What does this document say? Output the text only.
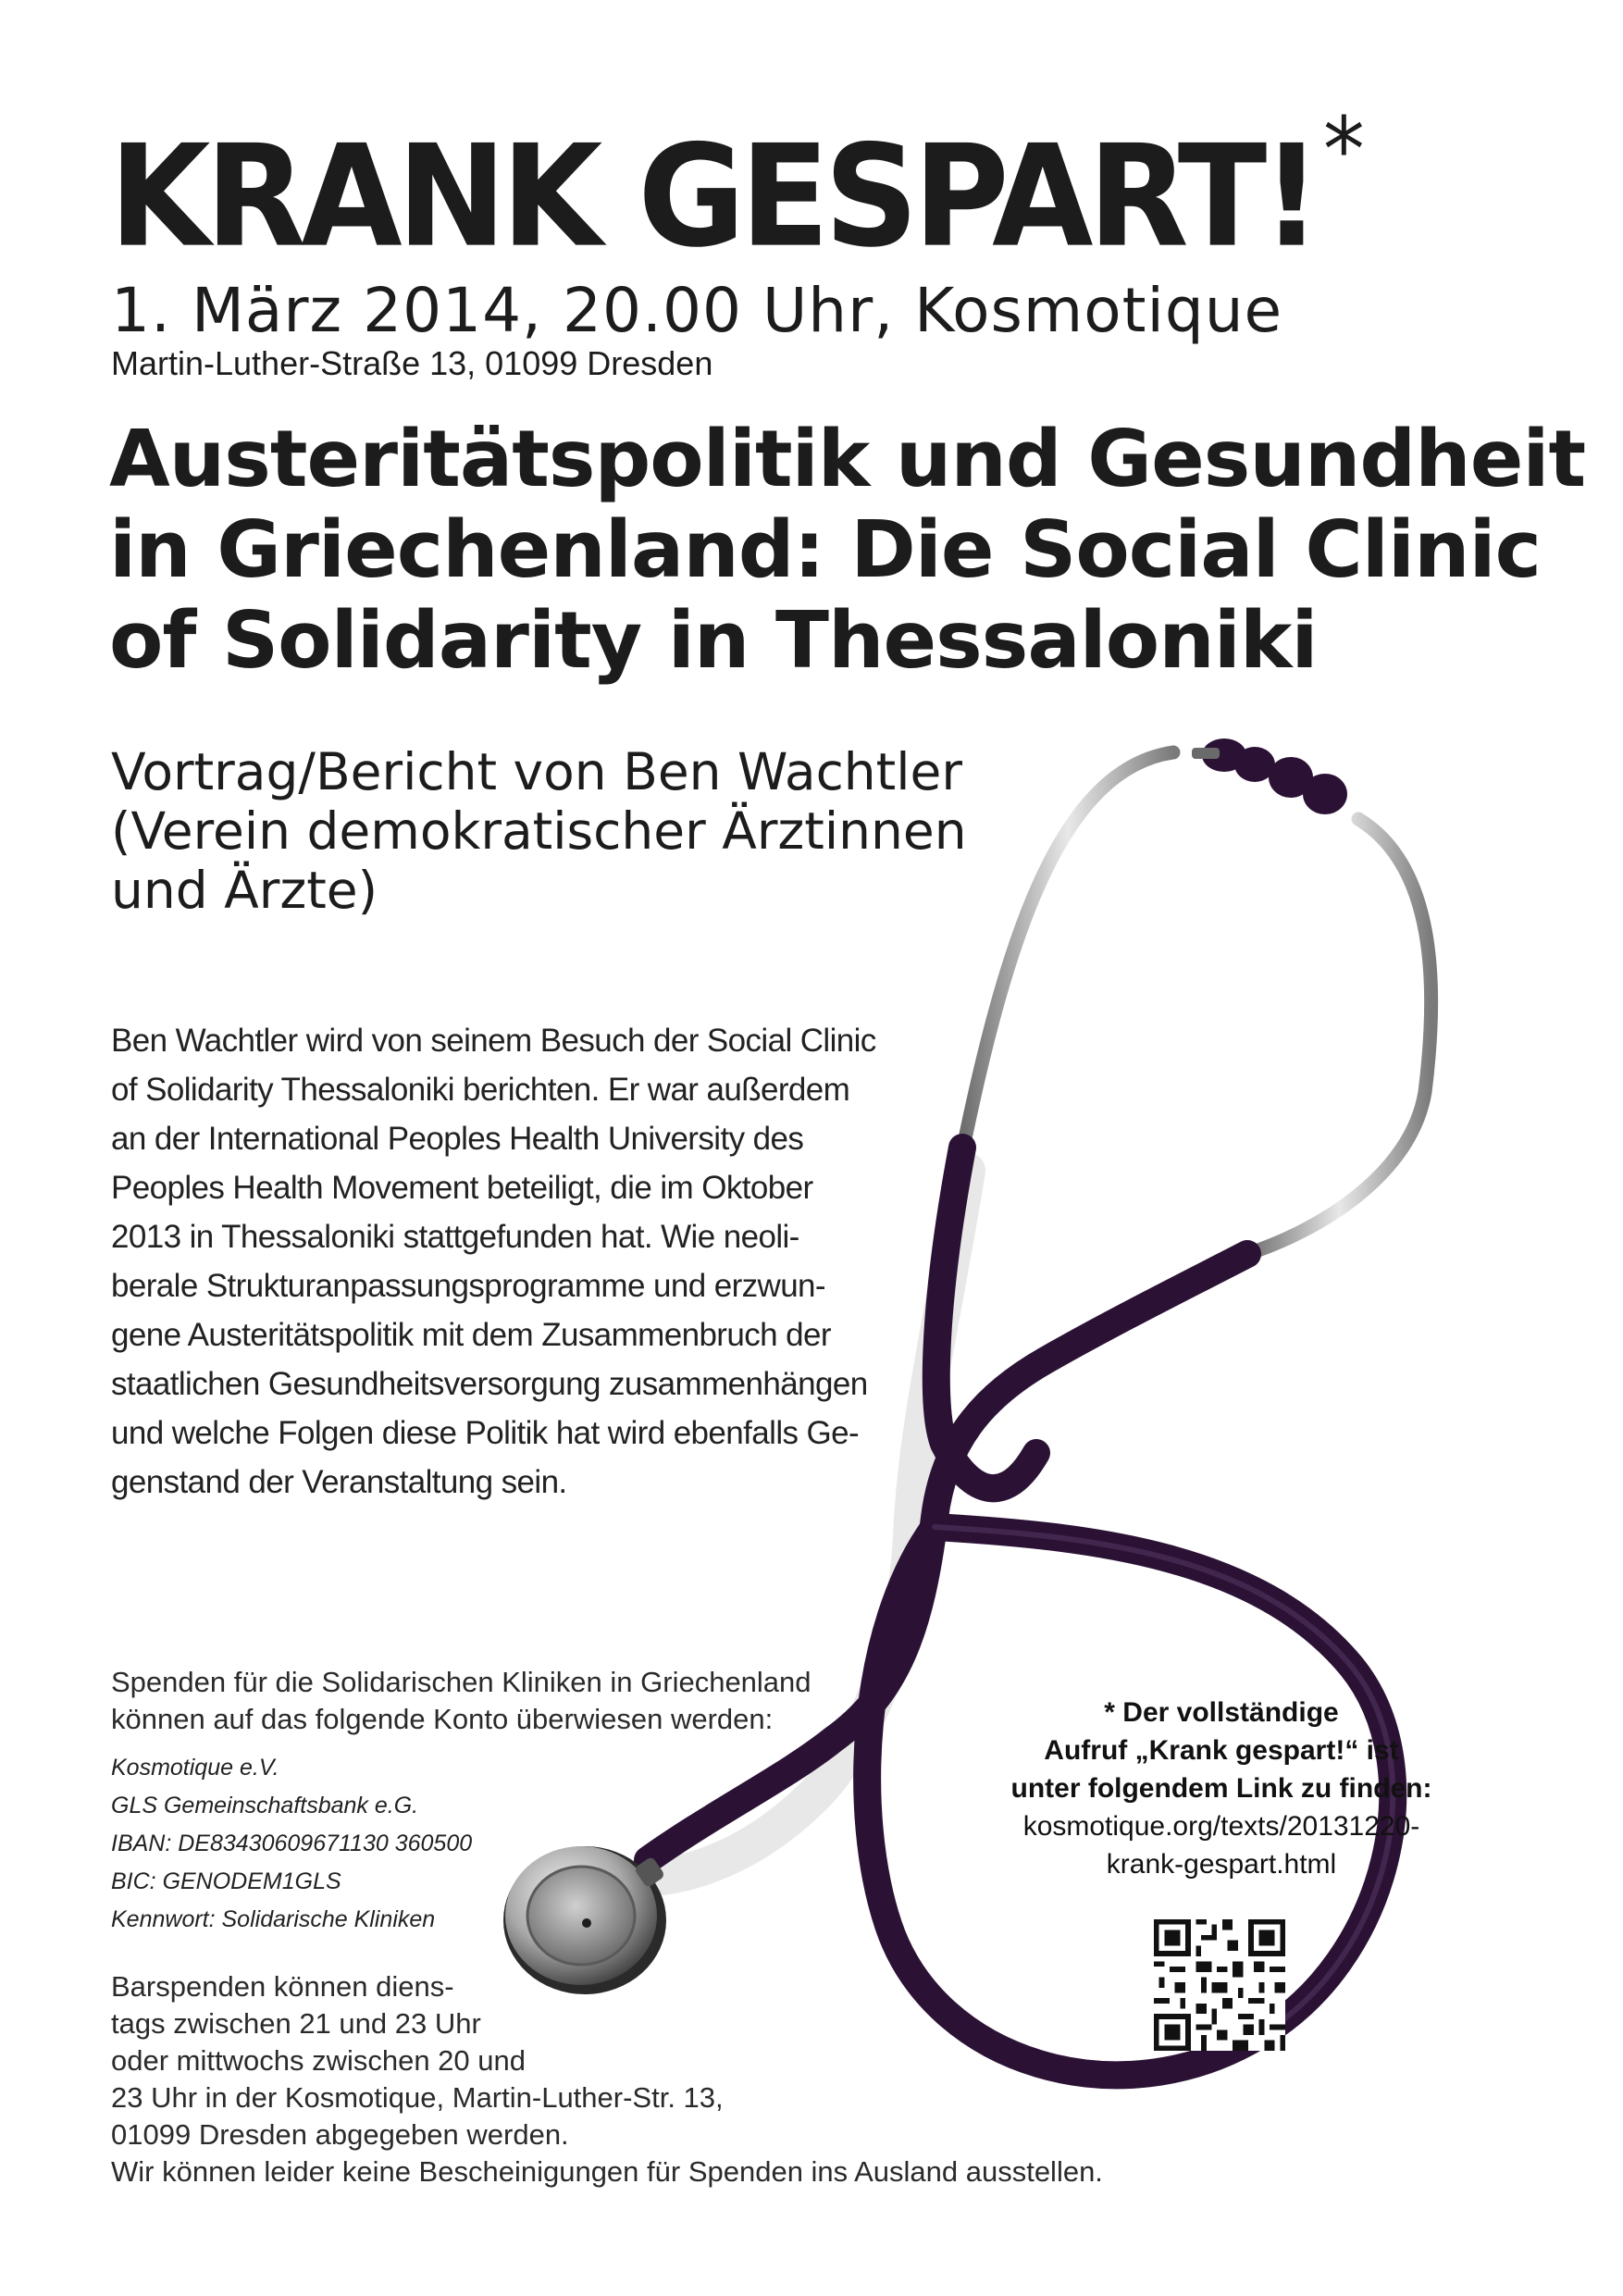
KRANK GESPART!*
1. März 2014, 20.00 Uhr, Kosmotique
Martin-Luther-Straße 13, 01099 Dresden
Austeritätspolitik und Gesundheit
in Griechenland: Die Social Clinic
of Solidarity in Thessaloniki
Vortrag/Bericht von Ben Wachtler
(Verein demokratischer Ärztinnen
und Ärzte)
Ben Wachtler wird von seinem Besuch der Social Clinic
of Solidarity Thessaloniki berichten. Er war außerdem
an der International Peoples Health University des
Peoples Health Movement beteiligt, die im Oktober
2013 in Thessaloniki stattgefunden hat. Wie neoli-
berale Strukturanpassungsprogramme und erzwun-
gene Austeritätspolitik mit dem Zusammenbruch der
staatlichen Gesundheitsversorgung zusammenhängen
und welche Folgen diese Politik hat wird ebenfalls Ge-
genstand der Veranstaltung sein.
Spenden für die Solidarischen Kliniken in Griechenland
können auf das folgende Konto überwiesen werden:
Kosmotique e.V.
GLS Gemeinschaftsbank e.G.
IBAN: DE83430609671130 360500
BIC: GENODEM1GLS
Kennwort: Solidarische Kliniken
Barspenden können diens-
tags zwischen 21 und 23 Uhr
oder mittwochs zwischen 20 und
23 Uhr in der Kosmotique, Martin-Luther-Str. 13,
01099 Dresden abgegeben werden.
Wir können leider keine Bescheinigungen für Spenden ins Ausland ausstellen.
* Der vollständige
Aufruf „Krank gespart!“ ist
unter folgendem Link zu finden:
kosmotique.org/texts/20131220-
krank-gespart.html
